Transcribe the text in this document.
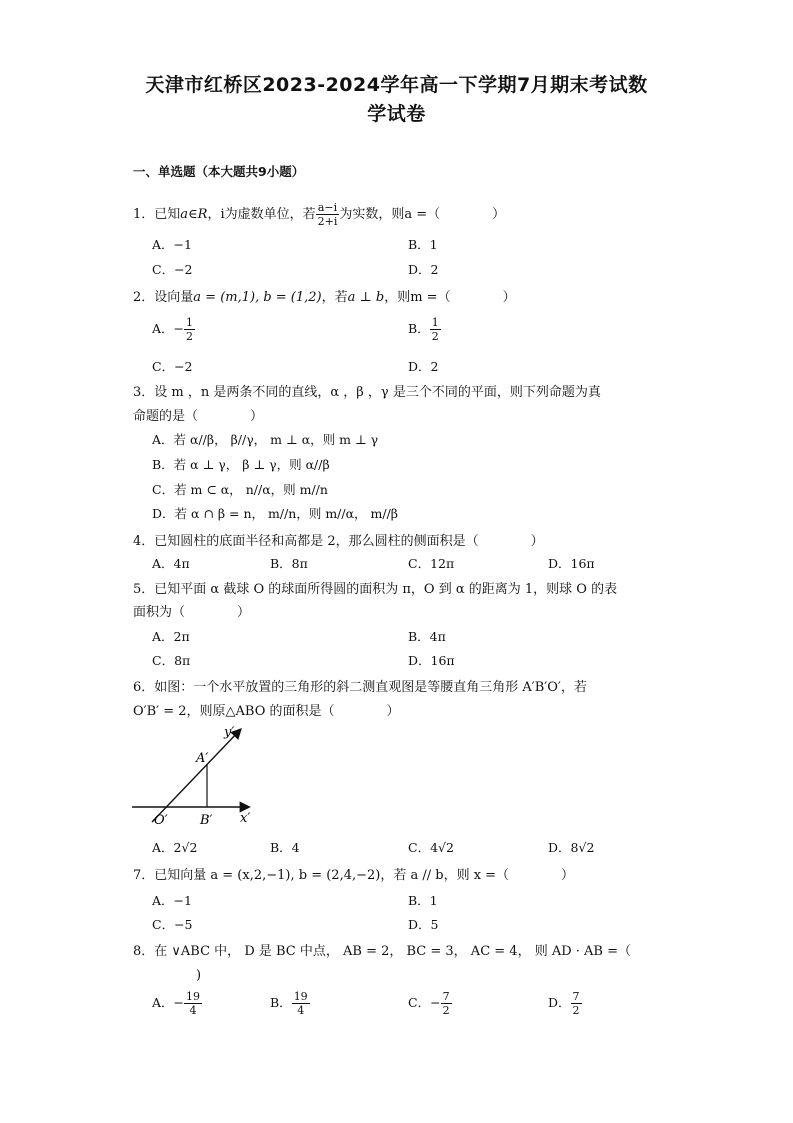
天津市红桥区2023-2024学年高一下学期7月期末考试数
学试卷
一、单选题（本大题共9小题）
1．已知a∈R，i为虚数单位，若 $\frac{a-i}{2+i}$ 为实数，则a =（　　　　）
A．−1	B．1
C．−2	D．2
2．设向量a = (m,1), b = (1,2)，若a ⊥ b，则m =（　　　　）
A．− $\frac{1}{2}$	B． $\frac{1}{2}$
C．−2	D．2
3．设 m ，n 是两条不同的直线，α ，β ，γ 是三个不同的平面，则下列命题为真
命题的是（　　　　）
A．若 α//β， β//γ， m ⊥ α，则 m ⊥ γ
B．若 α ⊥ γ， β ⊥ γ，则 α//β
C．若 m ⊂ α， n//α，则 m//n
D．若 α ∩ β = n， m//n，则 m//α， m//β
4．已知圆柱的底面半径和高都是 2，那么圆柱的侧面积是（　　　　）
A．4π	B．8π	C．12π	D．16π
5．已知平面 α 截球 O 的球面所得圆的面积为 π，O 到 α 的距离为 1，则球 O 的表
面积为（　　　　）
A．2π	B．4π
C．8π	D．16π
6．如图：一个水平放置的三角形的斜二测直观图是等腰直角三角形 A′B′O′，若
O′B′ = 2，则原△ABO 的面积是（　　　　）
y′
A′
O′ B′ x′
A．2√2	B．4	C．4√2	D．8√2
7．已知向量 a = (x,2,−1), b = (2,4,−2)，若 a // b，则 x =（　　　　）
A．−1	B．1
C．−5	D．5
8．在 ∨ABC 中， D 是 BC 中点， AB = 2， BC = 3， AC = 4， 则 AD · AB =（
　　)
A．− $\frac{19}{4}$	B． $\frac{19}{4}$	C．− $\frac{7}{2}$	D． $\frac{7}{2}$
